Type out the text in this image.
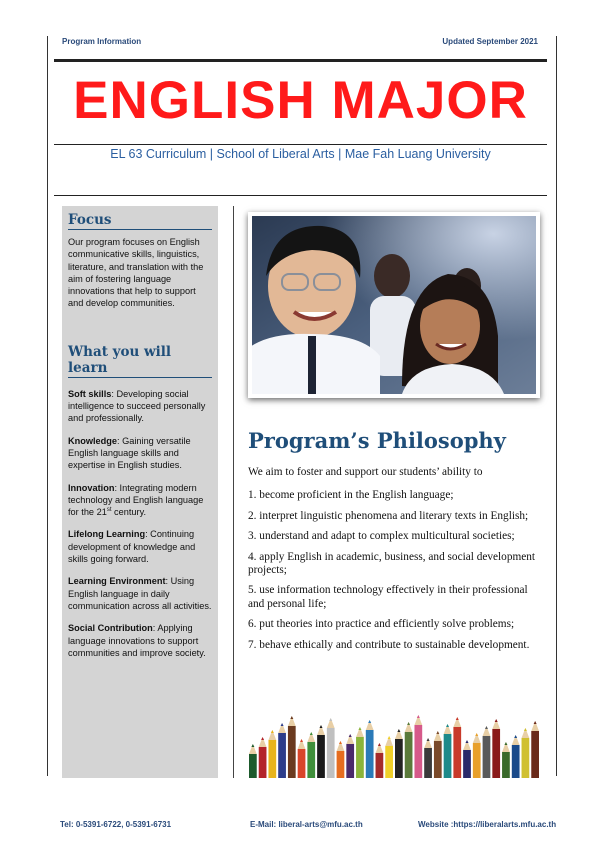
Program Information	Updated September 2021
ENGLISH MAJOR
EL 63 Curriculum | School of Liberal Arts | Mae Fah Luang University
Focus

Our program focuses on English communicative skills, linguistics, literature, and translation with the aim of fostering language innovations that help to support and develop communities.

What you will learn

Soft skills: Developing social intelligence to succeed personally and professionally.

Knowledge: Gaining versatile English language skills and expertise in English studies.

Innovation: Integrating modern technology and English language for the 21st century.

Lifelong Learning: Continuing development of knowledge and skills going forward.

Learning Environment: Using English language in daily communication across all activities.

Social Contribution: Applying language innovations to support communities and improve society.

Program’s Philosophy

We aim to foster and support our students’ ability to

1. become proficient in the English language;

2. interpret linguistic phenomena and literary texts in English;

3. understand and adapt to complex multicultural societies;

4. apply English in academic, business, and social development projects;

5. use information technology effectively in their professional and personal life;

6. put theories into practice and efficiently solve problems;

7. behave ethically and contribute to sustainable development.

Tel: 0-5391-6722, 0-5391-6731	E-Mail: liberal-arts@mfu.ac.th	Website :https://liberalarts.mfu.ac.th
